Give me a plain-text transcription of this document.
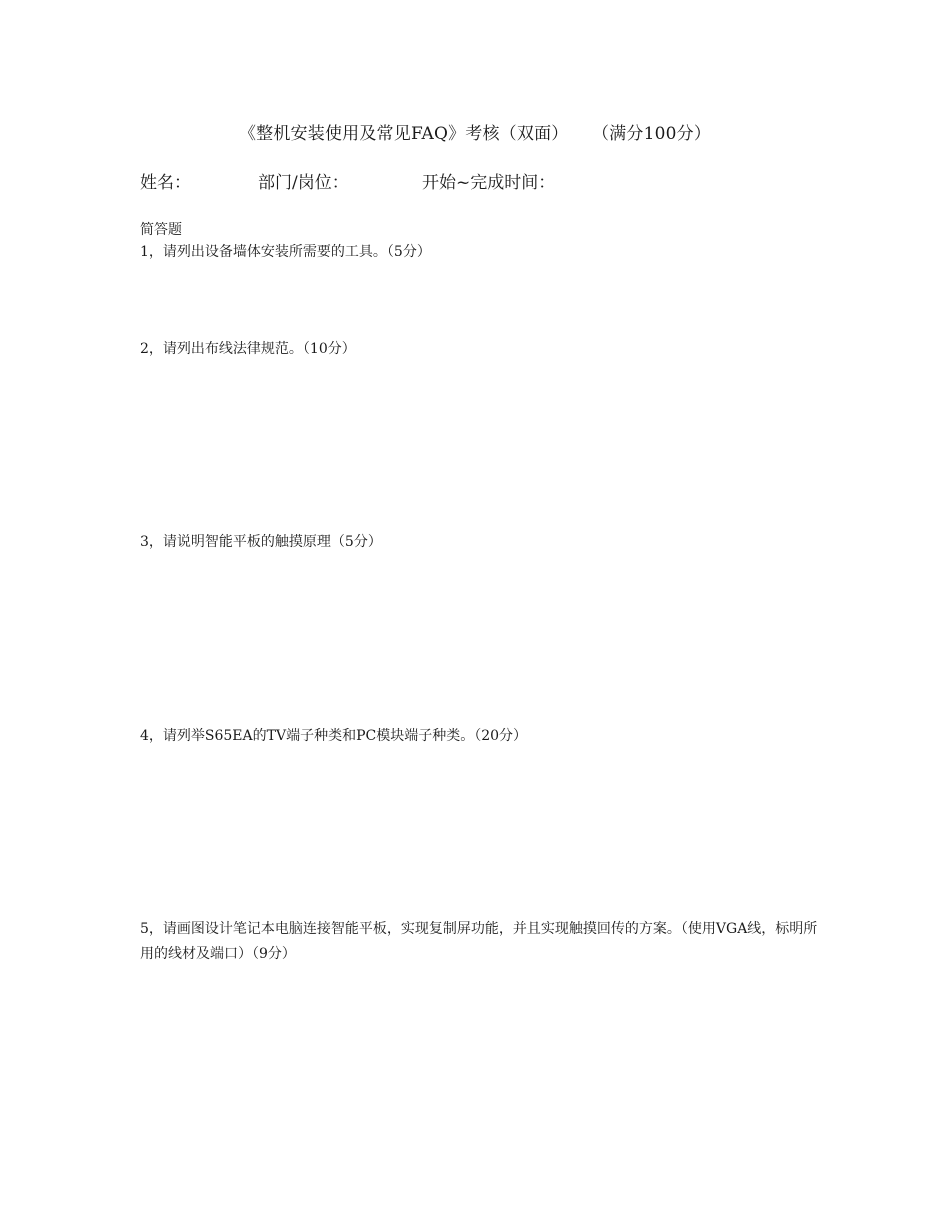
《整机安装使用及常见FAQ》考核（双面） （满分100分）
姓名：	部门/岗位：	开始~完成时间：
简答题
1，请列出设备墙体安装所需要的工具。（5分）
2，请列出布线法律规范。（10分）
3，请说明智能平板的触摸原理（5分）
4，请列举S65EA的TV端子种类和PC模块端子种类。（20分）
5，请画图设计笔记本电脑连接智能平板，实现复制屏功能，并且实现触摸回传的方案。（使用VGA线，标明所用的线材及端口）（9分）
